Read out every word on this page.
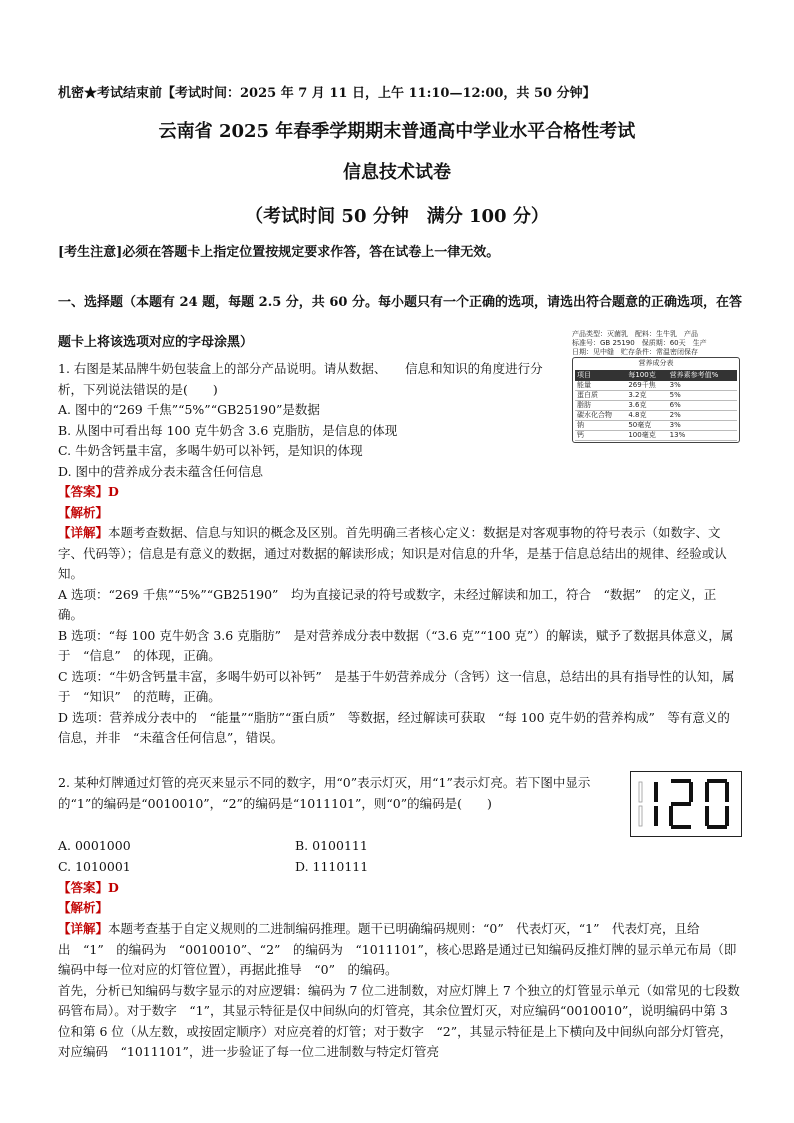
机密★考试结束前【考试时间：2025 年 7 月 11 日，上午 11:10—12:00，共 50 分钟】
云南省 2025 年春季学期期末普通高中学业水平合格性考试
信息技术试卷
（考试时间 50 分钟　满分 100 分）
[考生注意]必须在答题卡上指定位置按规定要求作答，答在试卷上一律无效。
一、选择题（本题有 24 题，每题 2.5 分，共 60 分。每小题只有一个正确的选项，请选出符合题意的正确选项，在答题卡上将该选项对应的字母涂黑）
产品类型：灭菌乳　配料：生牛乳　产品
标准号：GB 25190　保质期：60天　生产
日期：见中缝　贮存条件：常温密闭保存
营养成分表
项目	每100克	营养素参考值%
能量	269千焦	3%
蛋白质	3.2克	5%
脂肪	3.6克	6%
碳水化合物	4.8克	2%
钠	50毫克	3%
钙	100毫克	13%
1. 右图是某品牌牛奶包装盒上的部分产品说明。请从数据、　　信息和知识的角度进行分析，下列说法错误的是(　　)
A. 图中的“269 千焦”“5%”“GB25190”是数据
B. 从图中可看出每 100 克牛奶含 3.6 克脂肪，是信息的体现
C. 牛奶含钙量丰富，多喝牛奶可以补钙，是知识的体现
D. 图中的营养成分表未蕴含任何信息
【答案】D
【解析】
【详解】本题考查数据、信息与知识的概念及区别。首先明确三者核心定义：数据是对客观事物的符号表示（如数字、文字、代码等）；信息是有意义的数据，通过对数据的解读形成；知识是对信息的升华，是基于信息总结出的规律、经验或认知。
A 选项：“269 千焦”“5%”“GB25190”　均为直接记录的符号或数字，未经过解读和加工，符合　“数据”　的定义，正确。
B 选项：“每 100 克牛奶含 3.6 克脂肪”　是对营养成分表中数据（“3.6 克”“100 克”）的解读，赋予了数据具体意义，属于　“信息”　的体现，正确。
C 选项：“牛奶含钙量丰富，多喝牛奶可以补钙”　是基于牛奶营养成分（含钙）这一信息，总结出的具有指导性的认知，属于　“知识”　的范畴，正确。
D 选项：营养成分表中的　“能量”“脂肪”“蛋白质”　等数据，经过解读可获取　“每 100 克牛奶的营养构成”　等有意义的信息，并非　“未蕴含任何信息”，错误。
2. 某种灯牌通过灯管的亮灭来显示不同的数字，用“0”表示灯灭，用“1”表示灯亮。若下图中显示的“1”的编码是“0010010”，“2”的编码是“1011101”，则“0”的编码是(　　)
A. 0001000	B. 0100111
C. 1010001	D. 1110111
【答案】D
【解析】
【详解】本题考查基于自定义规则的二进制编码推理。题干已明确编码规则：“0”　代表灯灭，“1”　代表灯亮，且给出　“1”　的编码为　“0010010”、“2”　的编码为　“1011101”，核心思路是通过已知编码反推灯牌的显示单元布局（即编码中每一位对应的灯管位置），再据此推导　“0”　的编码。
首先，分析已知编码与数字显示的对应逻辑：编码为 7 位二进制数，对应灯牌上 7 个独立的灯管显示单元（如常见的七段数码管布局）。对于数字　“1”，其显示特征是仅中间纵向的灯管亮，其余位置灯灭，对应编码“0010010”，说明编码中第 3 位和第 6 位（从左数，或按固定顺序）对应亮着的灯管；对于数字　“2”，其显示特征是上下横向及中间纵向部分灯管亮，对应编码　“1011101”，进一步验证了每一位二进制数与特定灯管亮
